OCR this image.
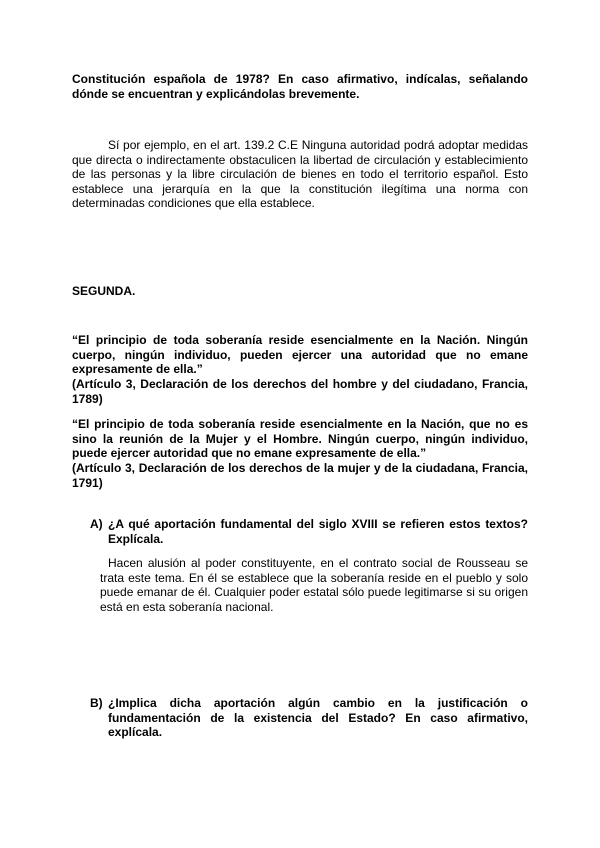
Constitución española de 1978? En caso afirmativo, indícalas, señalando dónde se encuentran y explicándolas brevemente.

Sí por ejemplo, en el art. 139.2 C.E Ninguna autoridad podrá adoptar medidas que directa o indirectamente obstaculicen la libertad de circulación y establecimiento de las personas y la libre circulación de bienes en todo el territorio español. Esto establece una jerarquía en la que la constitución ilegítima una norma con determinadas condiciones que ella establece.

SEGUNDA.

“El principio de toda soberanía reside esencialmente en la Nación. Ningún cuerpo, ningún individuo, pueden ejercer una autoridad que no emane expresamente de ella.”

(Artículo 3, Declaración de los derechos del hombre y del ciudadano, Francia, 1789)

“El principio de toda soberanía reside esencialmente en la Nación, que no es sino la reunión de la Mujer y el Hombre. Ningún cuerpo, ningún individuo, puede ejercer autoridad que no emane expresamente de ella.”

(Artículo 3, Declaración de los derechos de la mujer y de la ciudadana, Francia, 1791)

A) ¿A qué aportación fundamental del siglo XVIII se refieren estos textos? Explícala.

Hacen alusión al poder constituyente, en el contrato social de Rousseau se trata este tema. En él se establece que la soberanía reside en el pueblo y solo puede emanar de él. Cualquier poder estatal sólo puede legitimarse si su origen está en esta soberanía nacional.

B) ¿Implica dicha aportación algún cambio en la justificación o fundamentación de la existencia del Estado? En caso afirmativo, explícala.
